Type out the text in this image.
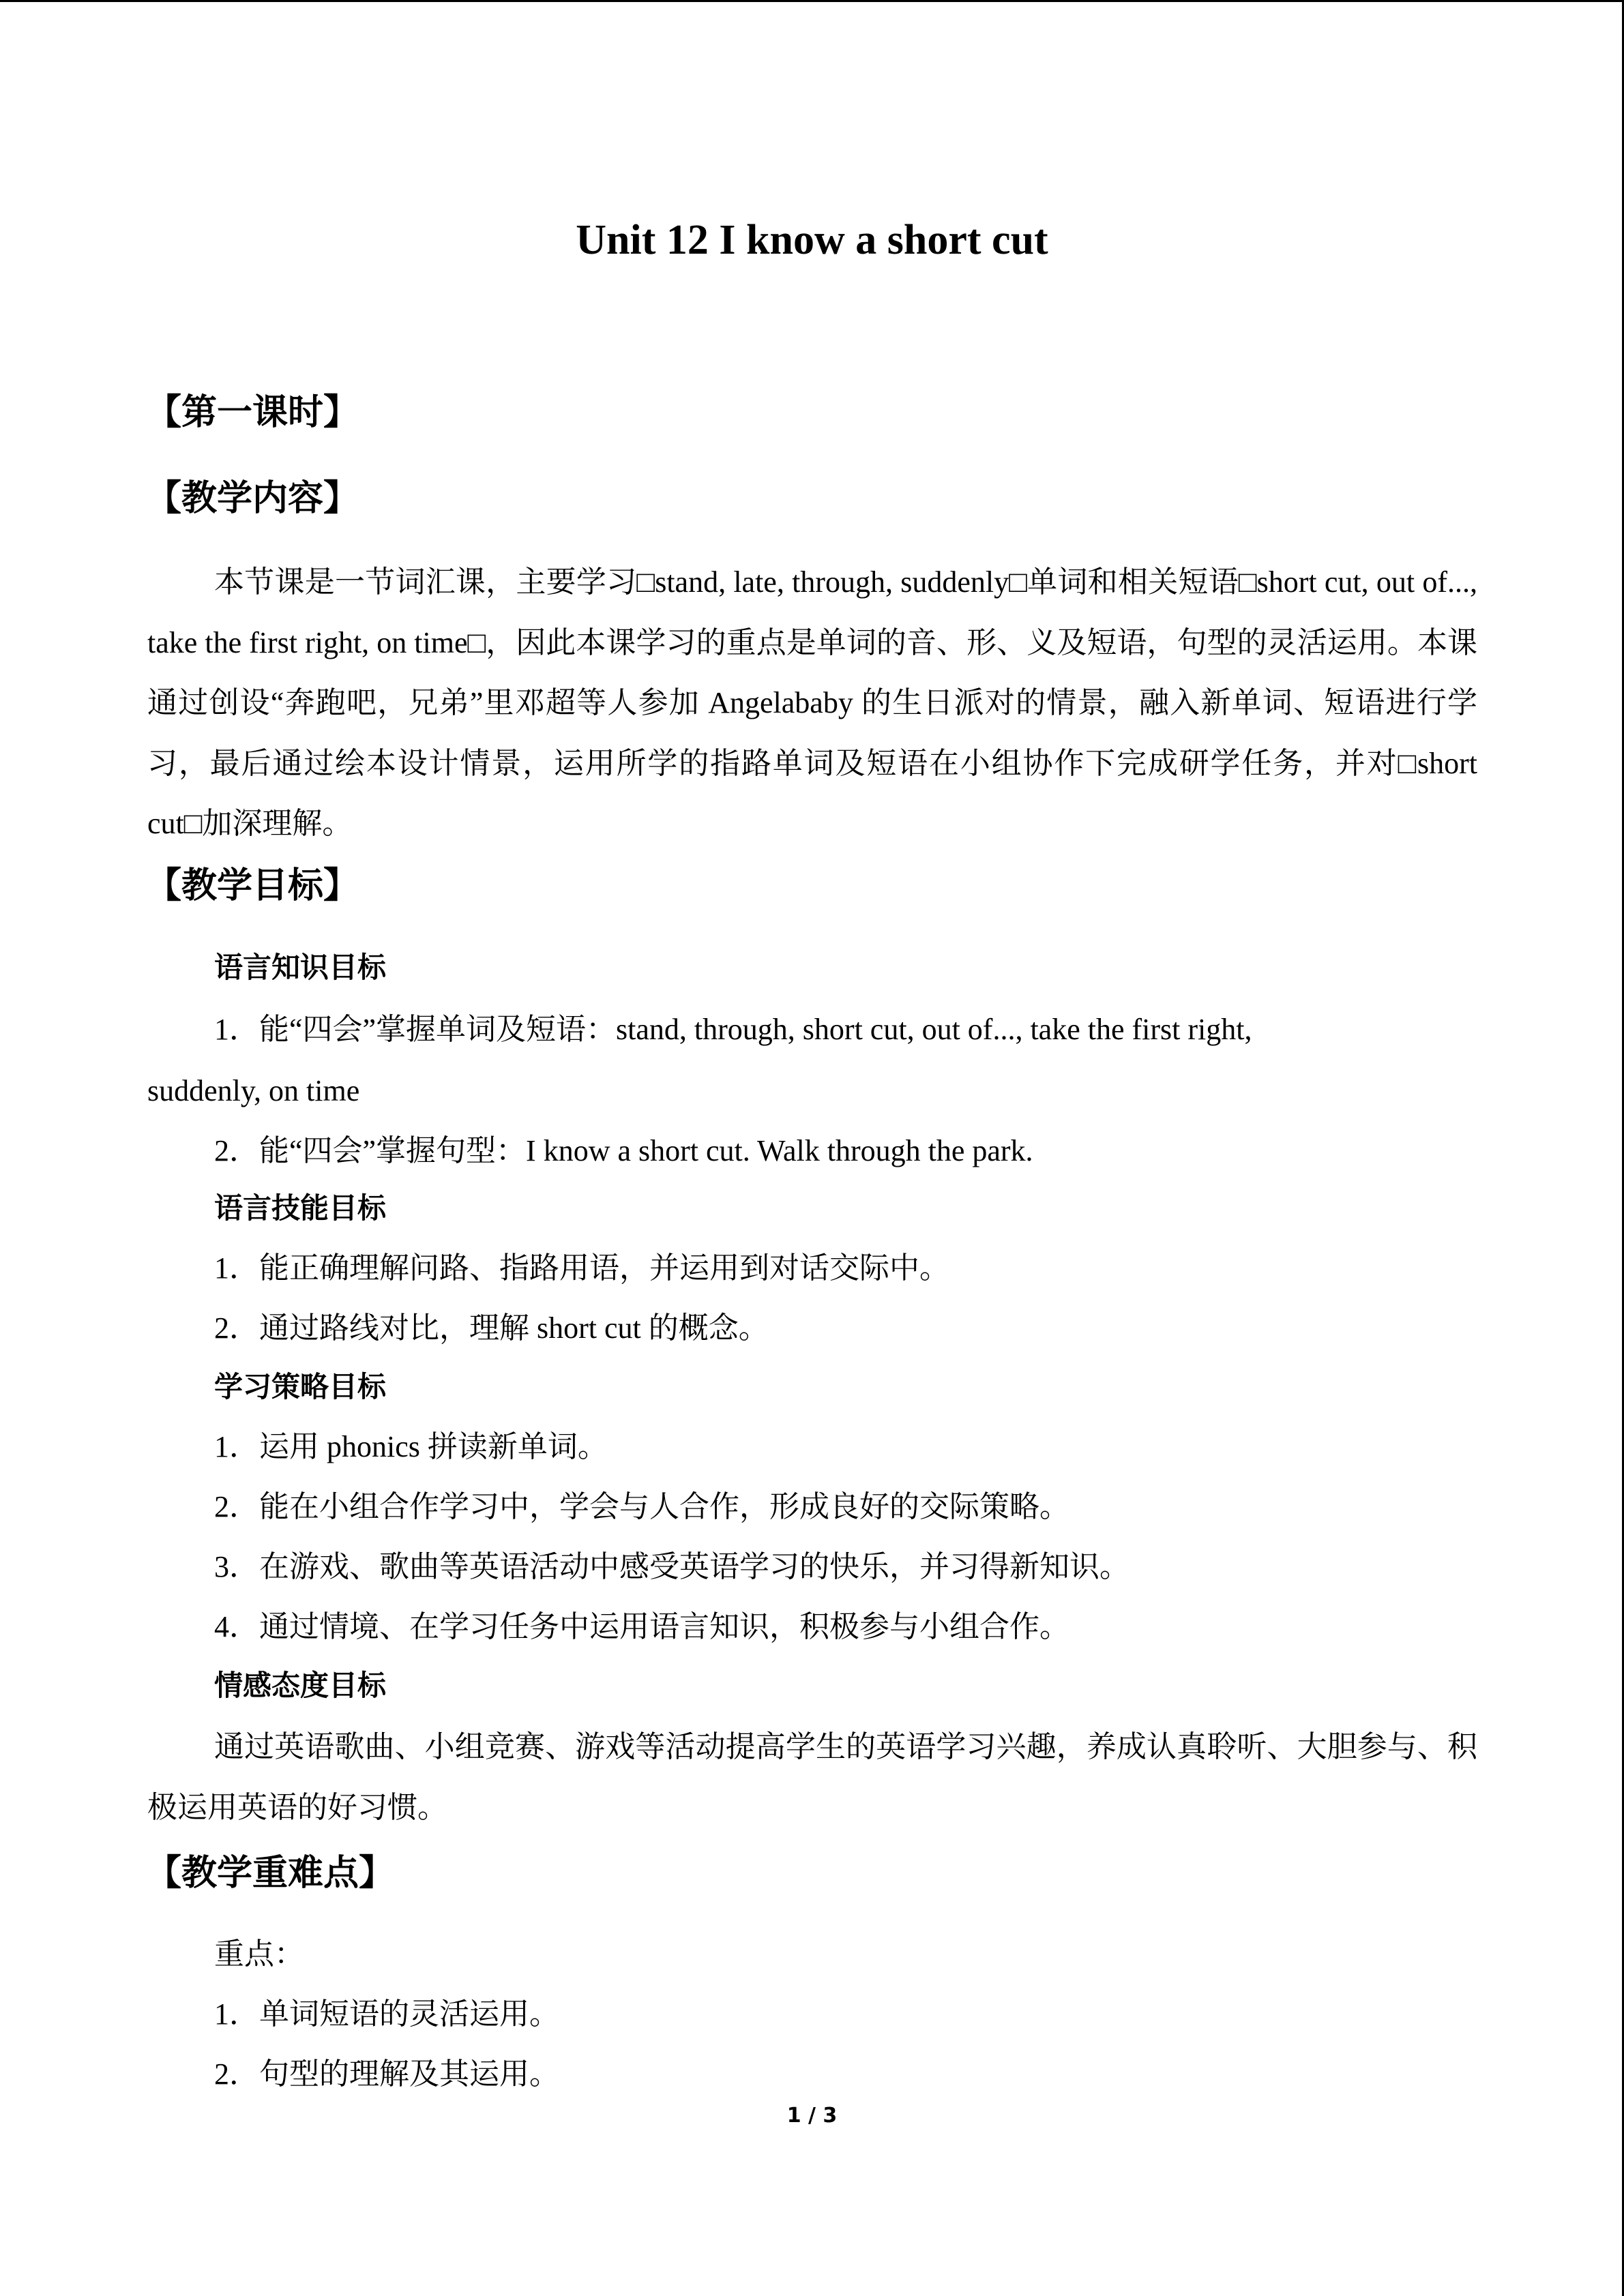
Unit 12 I know a short cut
【第一课时】
【教学内容】
本节课是一节词汇课，主要学习□stand, late, through, suddenly□单词和相关短语□short cut, out of..., take the first right, on time□，因此本课学习的重点是单词的音、形、义及短语，句型的灵活运用。本课通过创设“奔跑吧，兄弟”里邓超等人参加 Angelababy 的生日派对的情景，融入新单词、短语进行学习，最后通过绘本设计情景，运用所学的指路单词及短语在小组协作下完成研学任务，并对□short cut□加深理解。
【教学目标】
语言知识目标
1．能“四会”掌握单词及短语：stand, through, short cut, out of..., take the first right,
suddenly, on time
2．能“四会”掌握句型：I know a short cut. Walk through the park.
语言技能目标
1．能正确理解问路、指路用语，并运用到对话交际中。
2．通过路线对比，理解 short cut 的概念。
学习策略目标
1．运用 phonics 拼读新单词。
2．能在小组合作学习中，学会与人合作，形成良好的交际策略。
3．在游戏、歌曲等英语活动中感受英语学习的快乐，并习得新知识。
4．通过情境、在学习任务中运用语言知识，积极参与小组合作。
情感态度目标
通过英语歌曲、小组竞赛、游戏等活动提高学生的英语学习兴趣，养成认真聆听、大胆参与、积极运用英语的好习惯。
【教学重难点】
重点：
1．单词短语的灵活运用。
2．句型的理解及其运用。
1 / 3
